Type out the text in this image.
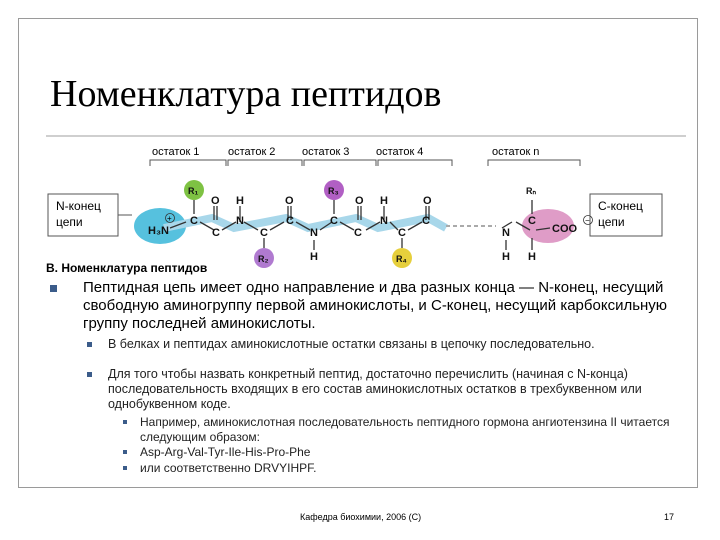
Номенклатура пептидов
остаток 1	остаток 2 остаток 3 остаток 4	остаток n
N-конец
цепи
С-конец
цепи
H₃N
R₁
C
C
O
N
H
C
R₂
C
O
N
H
C
R₃
C
O
N
H
C
R₄
C
O
N
H
C
Rₙ
H
COO
+	−
В. Номенклатура пептидов
Пептидная цепь имеет одно направление и два разных конца — N-конец, несущий свободную аминогруппу первой аминокислоты, и С-конец, несущий карбоксильную группу последней аминокислоты.
В белках и пептидах аминокислотные остатки связаны в цепочку последовательно.
Для того чтобы назвать конкретный пептид, достаточно перечислить (начиная с N-конца) последовательность входящих в его состав аминокислотных остатков в трехбуквенном или однобуквенном коде.
Например, аминокислотная последовательность пептидного гормона ангиотензина II читается следующим образом:
Asp-Arg-Val-Tyr-Ile-His-Pro-Phe
или соответственно DRVYIHPF.
Кафедра биохимии, 2006 (C)	17
